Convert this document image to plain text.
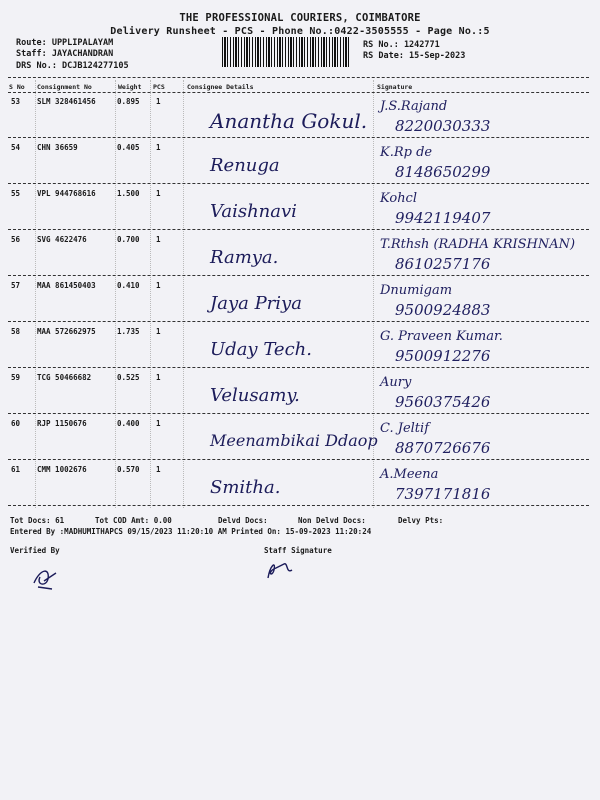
THE PROFESSIONAL COURIERS, COIMBATORE
Delivery Runsheet - PCS - Phone No.:0422-3505555 - Page No.:5
Route: UPPLIPALAYAM
Staff: JAYACHANDRAN
DRS No.: DCJB124277105
RS No.: 1242771
RS Date: 15-Sep-2023
S No Consignment No	Weight PCS	Consignee Details	Signature
53 SLM 328461456	0.895 1
Anantha Gokul.
J.S.Rajand
8220030333
54 CHN 36659	0.405 1
Renuga
K.Rp de
8148650299
55 VPL 944768616	1.500 1
Vaishnavi
Kohcl
9942119407
56 SVG 4622476	0.700 1
Ramya.
T.Rthsh (RADHA KRISHNAN)
8610257176
57 MAA 861450403	0.410 1
Jaya Priya
Dnumigam
9500924883
58 MAA 572662975	1.735 1
Uday Tech.
G. Praveen Kumar.
9500912276
59 TCG 50466682	0.525 1
Velusamy.
Aury
9560375426
60 RJP 1150676	0.400 1
Meenambikai Ddaop
C. Jeltif
8870726676
61 CMM 1002676	0.570 1
Smitha.
A.Meena
7397171816
Tot Docs: 61	Tot COD Amt: 0.00	Delvd Docs:	Non Delvd Docs:	Delvy Pts:
Entered By :MADHUMITHAPCS 09/15/2023 11:20:10 AM Printed On: 15-09-2023 11:20:24
Verified By	Staff Signature
